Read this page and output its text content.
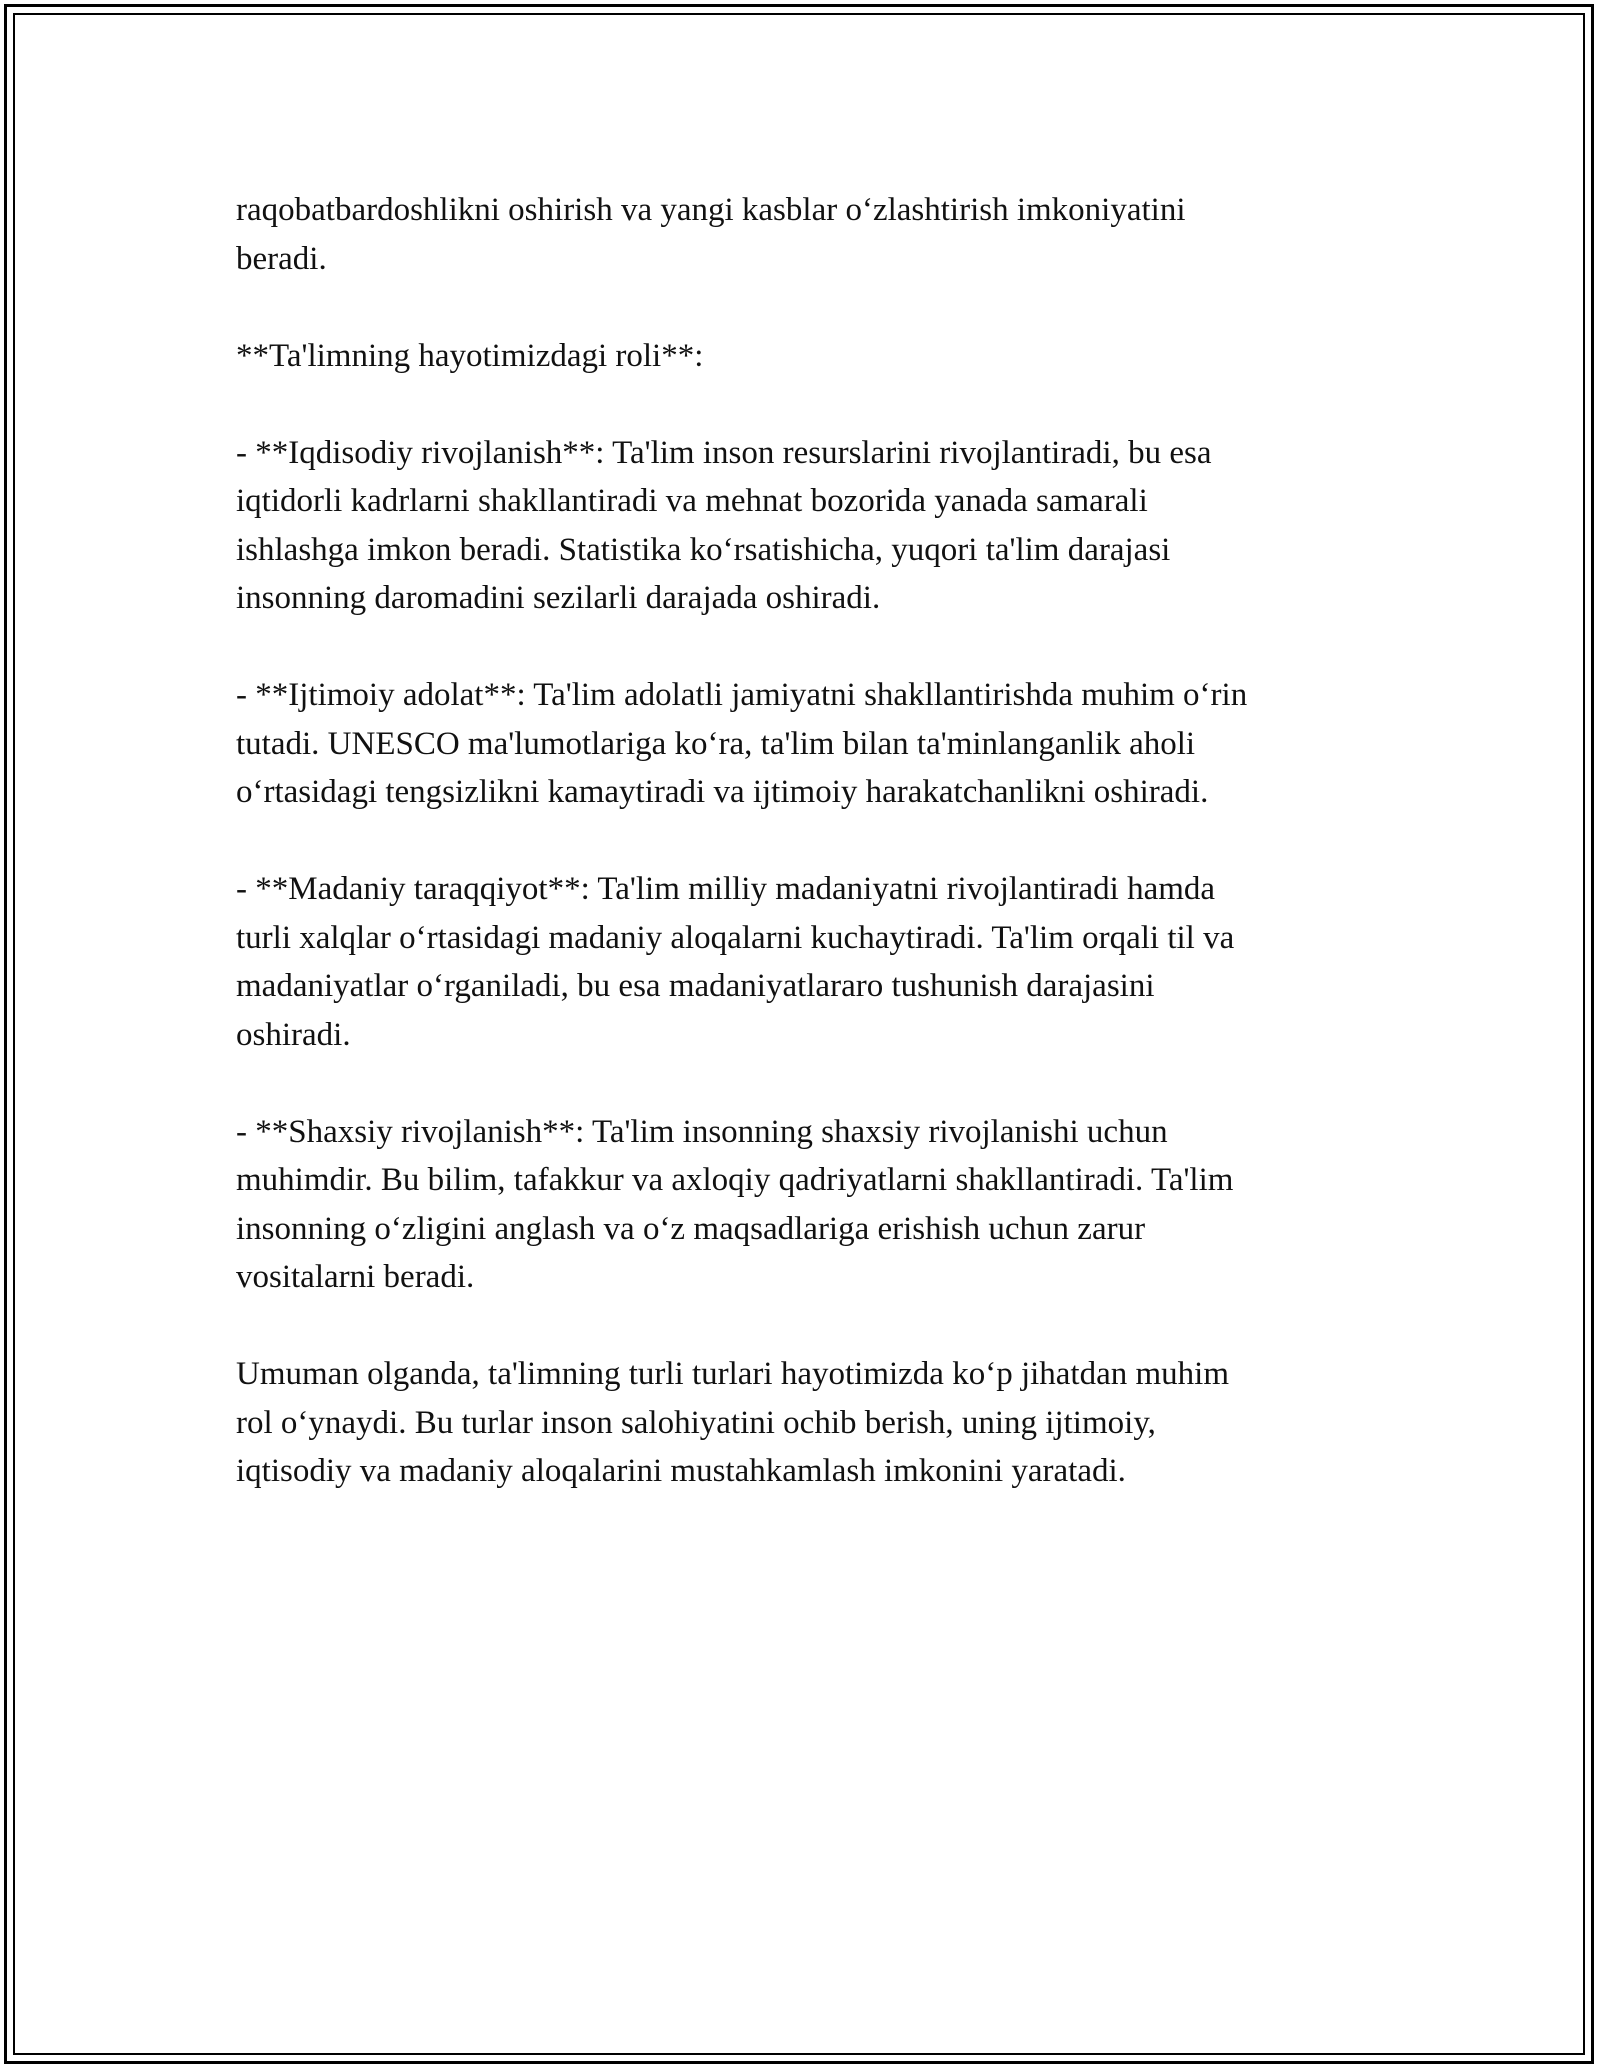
raqobatbardoshlikni oshirish va yangi kasblar o‘zlashtirish imkoniyatini
beradi.

**Ta'limning hayotimizdagi roli**:

- **Iqdisodiy rivojlanish**: Ta'lim inson resurslarini rivojlantiradi, bu esa
iqtidorli kadrlarni shakllantiradi va mehnat bozorida yanada samarali
ishlashga imkon beradi. Statistika ko‘rsatishicha, yuqori ta'lim darajasi
insonning daromadini sezilarli darajada oshiradi.

- **Ijtimoiy adolat**: Ta'lim adolatli jamiyatni shakllantirishda muhim o‘rin
tutadi. UNESCO ma'lumotlariga ko‘ra, ta'lim bilan ta'minlanganlik aholi
o‘rtasidagi tengsizlikni kamaytiradi va ijtimoiy harakatchanlikni oshiradi.

- **Madaniy taraqqiyot**: Ta'lim milliy madaniyatni rivojlantiradi hamda
turli xalqlar o‘rtasidagi madaniy aloqalarni kuchaytiradi. Ta'lim orqali til va
madaniyatlar o‘rganiladi, bu esa madaniyatlararo tushunish darajasini
oshiradi.

- **Shaxsiy rivojlanish**: Ta'lim insonning shaxsiy rivojlanishi uchun
muhimdir. Bu bilim, tafakkur va axloqiy qadriyatlarni shakllantiradi. Ta'lim
insonning o‘zligini anglash va o‘z maqsadlariga erishish uchun zarur
vositalarni beradi.

Umuman olganda, ta'limning turli turlari hayotimizda ko‘p jihatdan muhim
rol o‘ynaydi. Bu turlar inson salohiyatini ochib berish, uning ijtimoiy,
iqtisodiy va madaniy aloqalarini mustahkamlash imkonini yaratadi.
